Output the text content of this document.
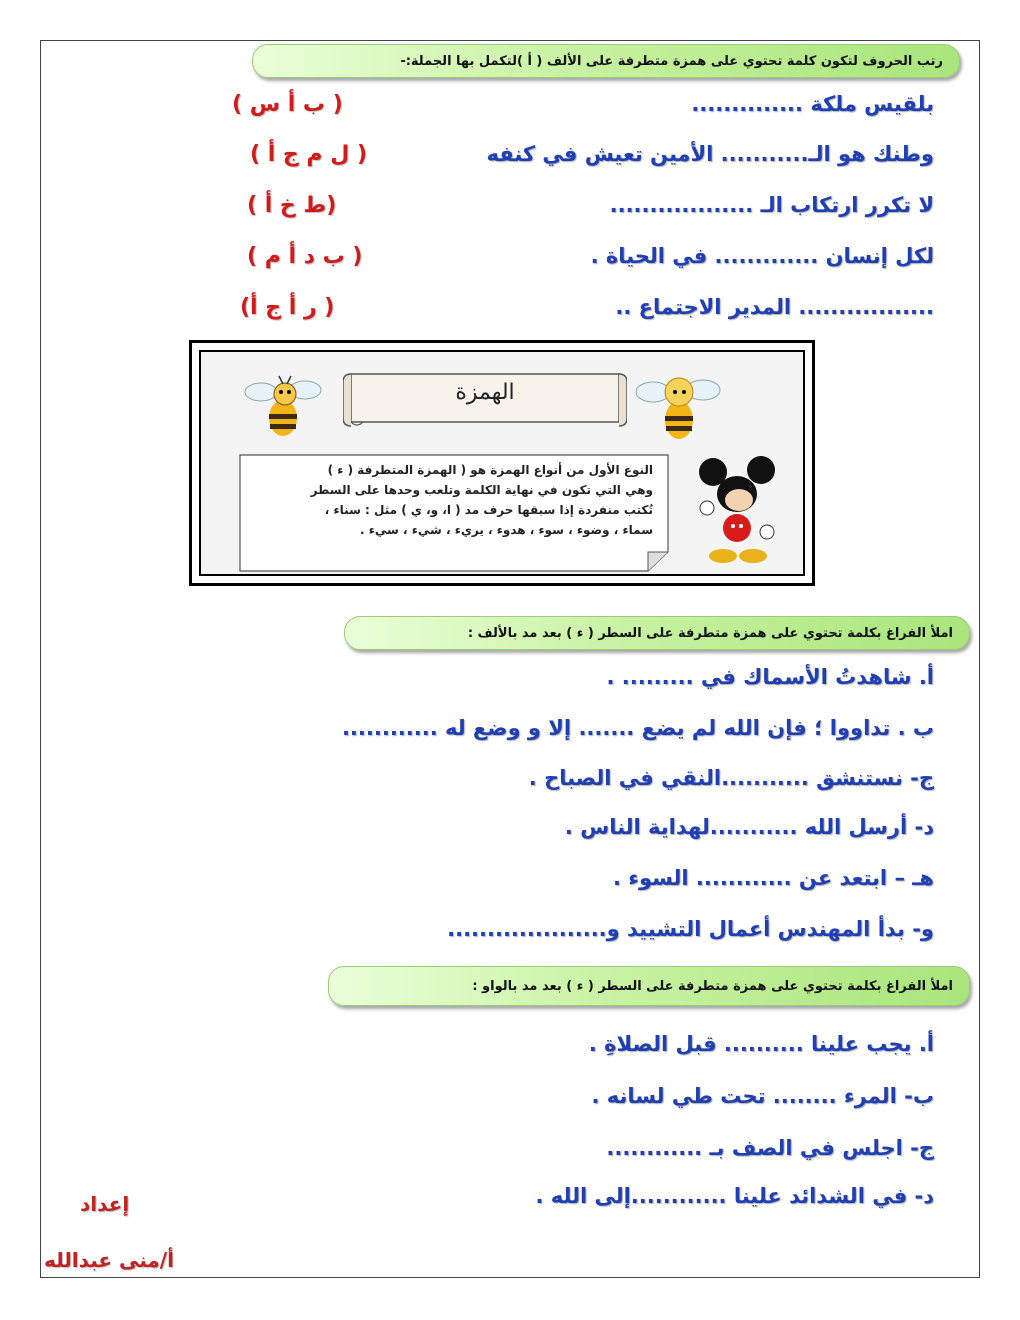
رتب الحروف لتكون كلمة تحتوي على همزة متطرفة على الألف ( أ )لتكمل بها الجملة:-
بلقيس ملكة ..............
( ب أ س )
وطنك هو الـ........... الأمين تعيش في كنفه
( ل م ج أ )
لا تكرر ارتكاب الـ ..................
(ط خ أ )
لكل إنسان ............. في الحياة .
( ب د أ م )
................. المدير الاجتماع ..
( ر أ ج أ)
الهمزة
النوع الأول من أنواع الهمزة هو ( الهمزة المتطرفة ( ء )
وهي التي تكون في نهاية الكلمة وتلعب وحدها على السطر
تُكتب منفردة إذا سبقها حرف مد ( ا، و، ي ) مثل : سناء ،
سماء ، وضوء ، سوء ، هدوء ، يريء ، شيء ، سيء .
املأ الفراغ بكلمة تحتوي على همزة متطرفة على السطر ( ء ) بعد مد بالألف :
أ. شاهدتُ الأسماك في ......... .
ب . تداووا ؛ فإن الله لم يضع ....... إلا و وضع له ............
ج- نستنشق ...........النقي في الصباح .
د- أرسل الله ...........لهداية الناس .
هـ – ابتعد عن ............ السوء .
و- بدأ المهندس أعمال التشييد و....................
املأ الفراغ بكلمة تحتوي على همزة متطرفة على السطر ( ء ) بعد مد بالواو :
أ. يجب علينا .......... قبل الصلاةِ .
ب- المرء ........ تحت طي لسانه .
ج- اجلس في الصف بـ ............
د- في الشدائد علينا ............إلى الله .
إعداد
أ/منى عبدالله
